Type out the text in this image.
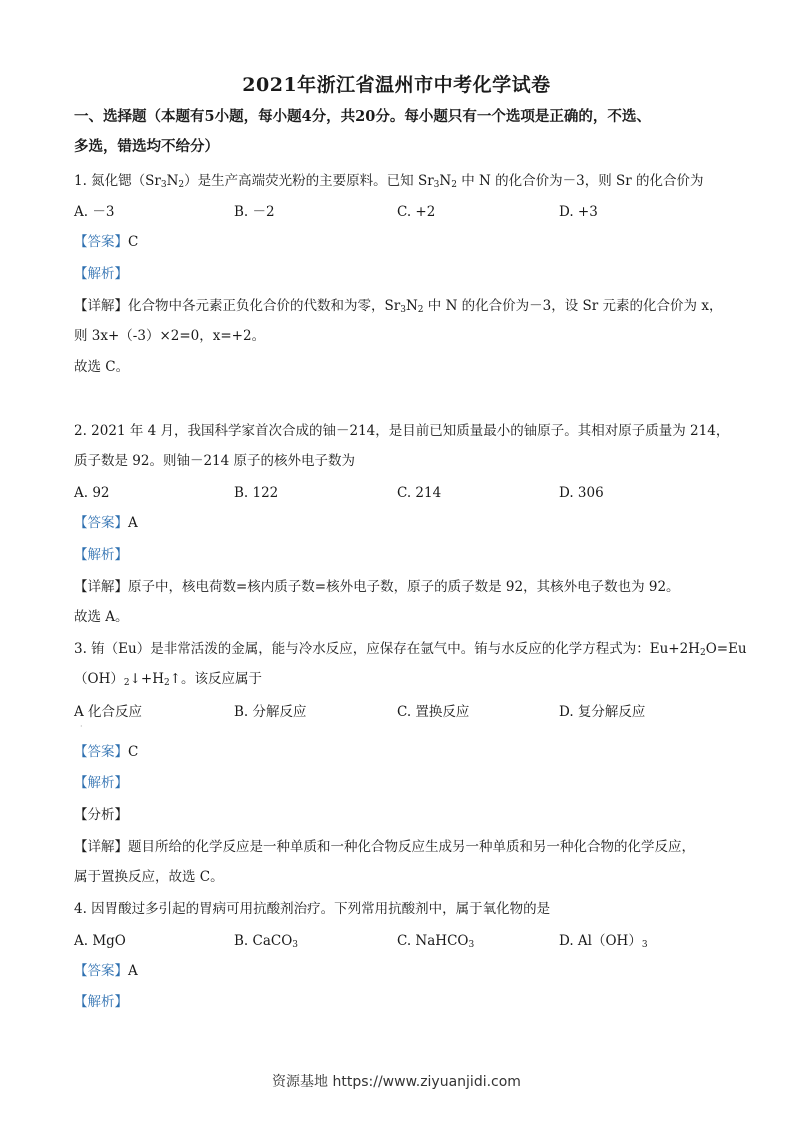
2021年浙江省温州市中考化学试卷
一、选择题（本题有5小题，每小题4分，共20分。每小题只有一个选项是正确的，不选、
多选，错选均不给分）
1. 氮化锶$(Sr_3N_2)$是生产高端荧光粉的主要原料。已知 $Sr_3N_2$ 中 N 的化合价为－3，则 Sr 的化合价为
A. －3	B. －2	C. +2	D. +3
【答案】C
【解析】
【详解】化合物中各元素正负化合价的代数和为零，$Sr_3N_2$ 中 N 的化合价为－3，设 Sr 元素的化合价为 x，
则 3x+（-3）×2=0，x=+2。
故选 C。
2. 2021 年 4 月，我国科学家首次合成的铀－214，是目前已知质量最小的铀原子。其相对原子质量为 214，
质子数是 92。则铀－214 原子的核外电子数为
A. 92	B. 122	C. 214	D. 306
【答案】A
【解析】
【详解】原子中，核电荷数=核内质子数=核外电子数，原子的质子数是 92，其核外电子数也为 92。
故选 A。
3. 铕（Eu）是非常活泼的金属，能与冷水反应，应保存在氩气中。铕与水反应的化学方程式为：$Eu+2H_2O=Eu$
$(OH)_2↓+H_2↑$。该反应属于
A 化合反应	B. 分解反应	C. 置换反应	D. 复分解反应
·
【答案】C
【解析】
【分析】
【详解】题目所给的化学反应是一种单质和一种化合物反应生成另一种单质和另一种化合物的化学反应，
属于置换反应，故选 C。
4. 因胃酸过多引起的胃病可用抗酸剂治疗。下列常用抗酸剂中，属于氧化物的是
A. MgO	B. CaCO$_3$	C. NaHCO$_3$	D. $Al(OH)_3$
【答案】A
【解析】
资源基地 https://www.ziyuanjidi.com
